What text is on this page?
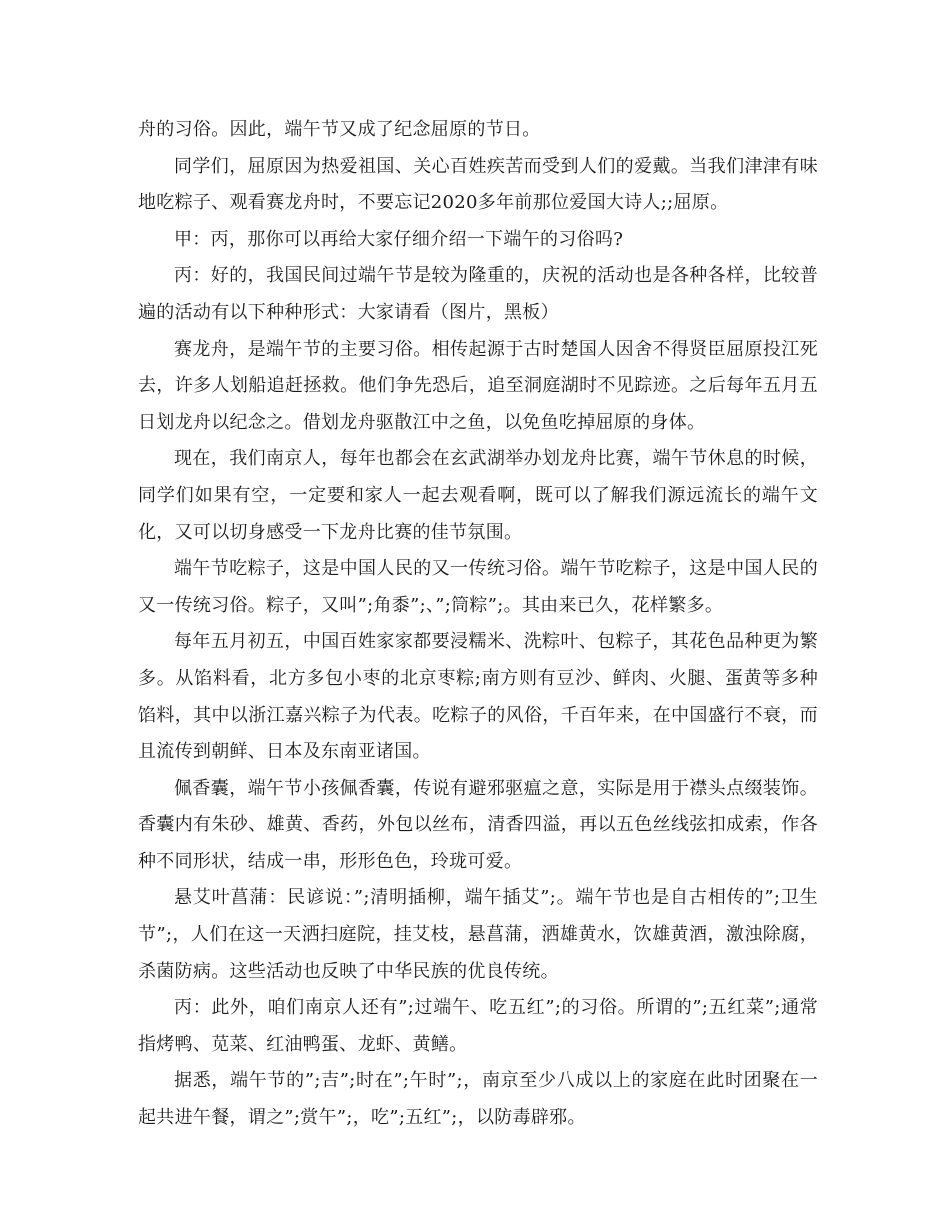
舟的习俗。因此，端午节又成了纪念屈原的节日。

同学们，屈原因为热爱祖国、关心百姓疾苦而受到人们的爱戴。当我们津津有味地吃粽子、观看赛龙舟时，不要忘记2020多年前那位爱国大诗人;;屈原。

甲：丙，那你可以再给大家仔细介绍一下端午的习俗吗?

丙：好的，我国民间过端午节是较为隆重的，庆祝的活动也是各种各样，比较普遍的活动有以下种种形式：大家请看（图片，黑板）

赛龙舟，是端午节的主要习俗。相传起源于古时楚国人因舍不得贤臣屈原投江死去，许多人划船追赶拯救。他们争先恐后，追至洞庭湖时不见踪迹。之后每年五月五日划龙舟以纪念之。借划龙舟驱散江中之鱼，以免鱼吃掉屈原的身体。

现在，我们南京人，每年也都会在玄武湖举办划龙舟比赛，端午节休息的时候，同学们如果有空，一定要和家人一起去观看啊，既可以了解我们源远流长的端午文化，又可以切身感受一下龙舟比赛的佳节氛围。

端午节吃粽子，这是中国人民的又一传统习俗。端午节吃粽子，这是中国人民的又一传统习俗。粽子，又叫”;角黍”;、”;筒粽”;。其由来已久，花样繁多。

每年五月初五，中国百姓家家都要浸糯米、洗粽叶、包粽子，其花色品种更为繁多。从馅料看，北方多包小枣的北京枣粽;南方则有豆沙、鲜肉、火腿、蛋黄等多种馅料，其中以浙江嘉兴粽子为代表。吃粽子的风俗，千百年来，在中国盛行不衰，而且流传到朝鲜、日本及东南亚诸国。

佩香囊，端午节小孩佩香囊，传说有避邪驱瘟之意，实际是用于襟头点缀装饰。香囊内有朱砂、雄黄、香药，外包以丝布，清香四溢，再以五色丝线弦扣成索，作各种不同形状，结成一串，形形色色，玲珑可爱。

悬艾叶菖蒲：民谚说：”;清明插柳，端午插艾”;。端午节也是自古相传的”;卫生节”;，人们在这一天洒扫庭院，挂艾枝，悬菖蒲，洒雄黄水，饮雄黄酒，激浊除腐，杀菌防病。这些活动也反映了中华民族的优良传统。

丙：此外，咱们南京人还有”;过端午、吃五红”;的习俗。所谓的”;五红菜”;通常指烤鸭、苋菜、红油鸭蛋、龙虾、黄鳝。

据悉，端午节的”;吉”;时在”;午时”;，南京至少八成以上的家庭在此时团聚在一起共进午餐，谓之”;赏午”;，吃”;五红”;，以防毒辟邪。
